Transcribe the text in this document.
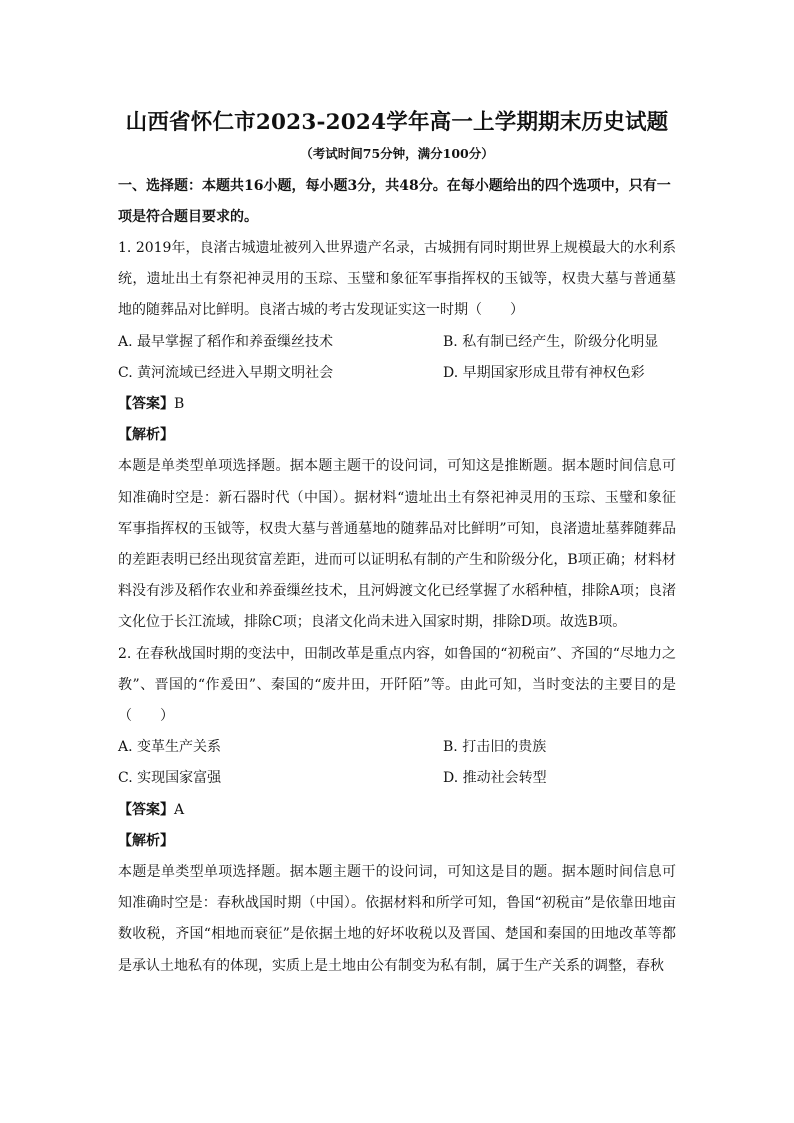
山西省怀仁市2023-2024学年高一上学期期末历史试题
（考试时间75分钟，满分100分）
一、选择题：本题共16小题，每小题3分，共48分。在每小题给出的四个选项中，只有一项是符合题目要求的。

1. 2019年，良渚古城遗址被列入世界遗产名录，古城拥有同时期世界上规模最大的水利系统，遗址出土有祭祀神灵用的玉琮、玉璧和象征军事指挥权的玉钺等，权贵大墓与普通墓地的随葬品对比鲜明。良渚古城的考古发现证实这一时期（　　）

A. 最早掌握了稻作和养蚕缫丝技术	B. 私有制已经产生，阶级分化明显
C. 黄河流域已经进入早期文明社会	D. 早期国家形成且带有神权色彩
【答案】B
【解析】

本题是单类型单项选择题。据本题主题干的设问词，可知这是推断题。据本题时间信息可知准确时空是：新石器时代（中国）。据材料“遗址出土有祭祀神灵用的玉琮、玉璧和象征军事指挥权的玉钺等，权贵大墓与普通墓地的随葬品对比鲜明”可知，良渚遗址墓葬随葬品的差距表明已经出现贫富差距，进而可以证明私有制的产生和阶级分化，B项正确；材料材料没有涉及稻作农业和养蚕缫丝技术，且河姆渡文化已经掌握了水稻种植，排除A项；良渚文化位于长江流域，排除C项；良渚文化尚未进入国家时期，排除D项。故选B项。

2. 在春秋战国时期的变法中，田制改革是重点内容，如鲁国的“初税亩”、齐国的“尽地力之教”、晋国的“作爰田”、秦国的“废井田，开阡陌”等。由此可知，当时变法的主要目的是（　　）

A. 变革生产关系	B. 打击旧的贵族
C. 实现国家富强	D. 推动社会转型
【答案】A
【解析】

本题是单类型单项选择题。据本题主题干的设问词，可知这是目的题。据本题时间信息可知准确时空是：春秋战国时期（中国）。依据材料和所学可知，鲁国“初税亩”是依靠田地亩数收税，齐国“相地而衰征”是依据土地的好坏收税以及晋国、楚国和秦国的田地改革等都是承认土地私有的体现，实质上是土地由公有制变为私有制，属于生产关系的调整，春秋
